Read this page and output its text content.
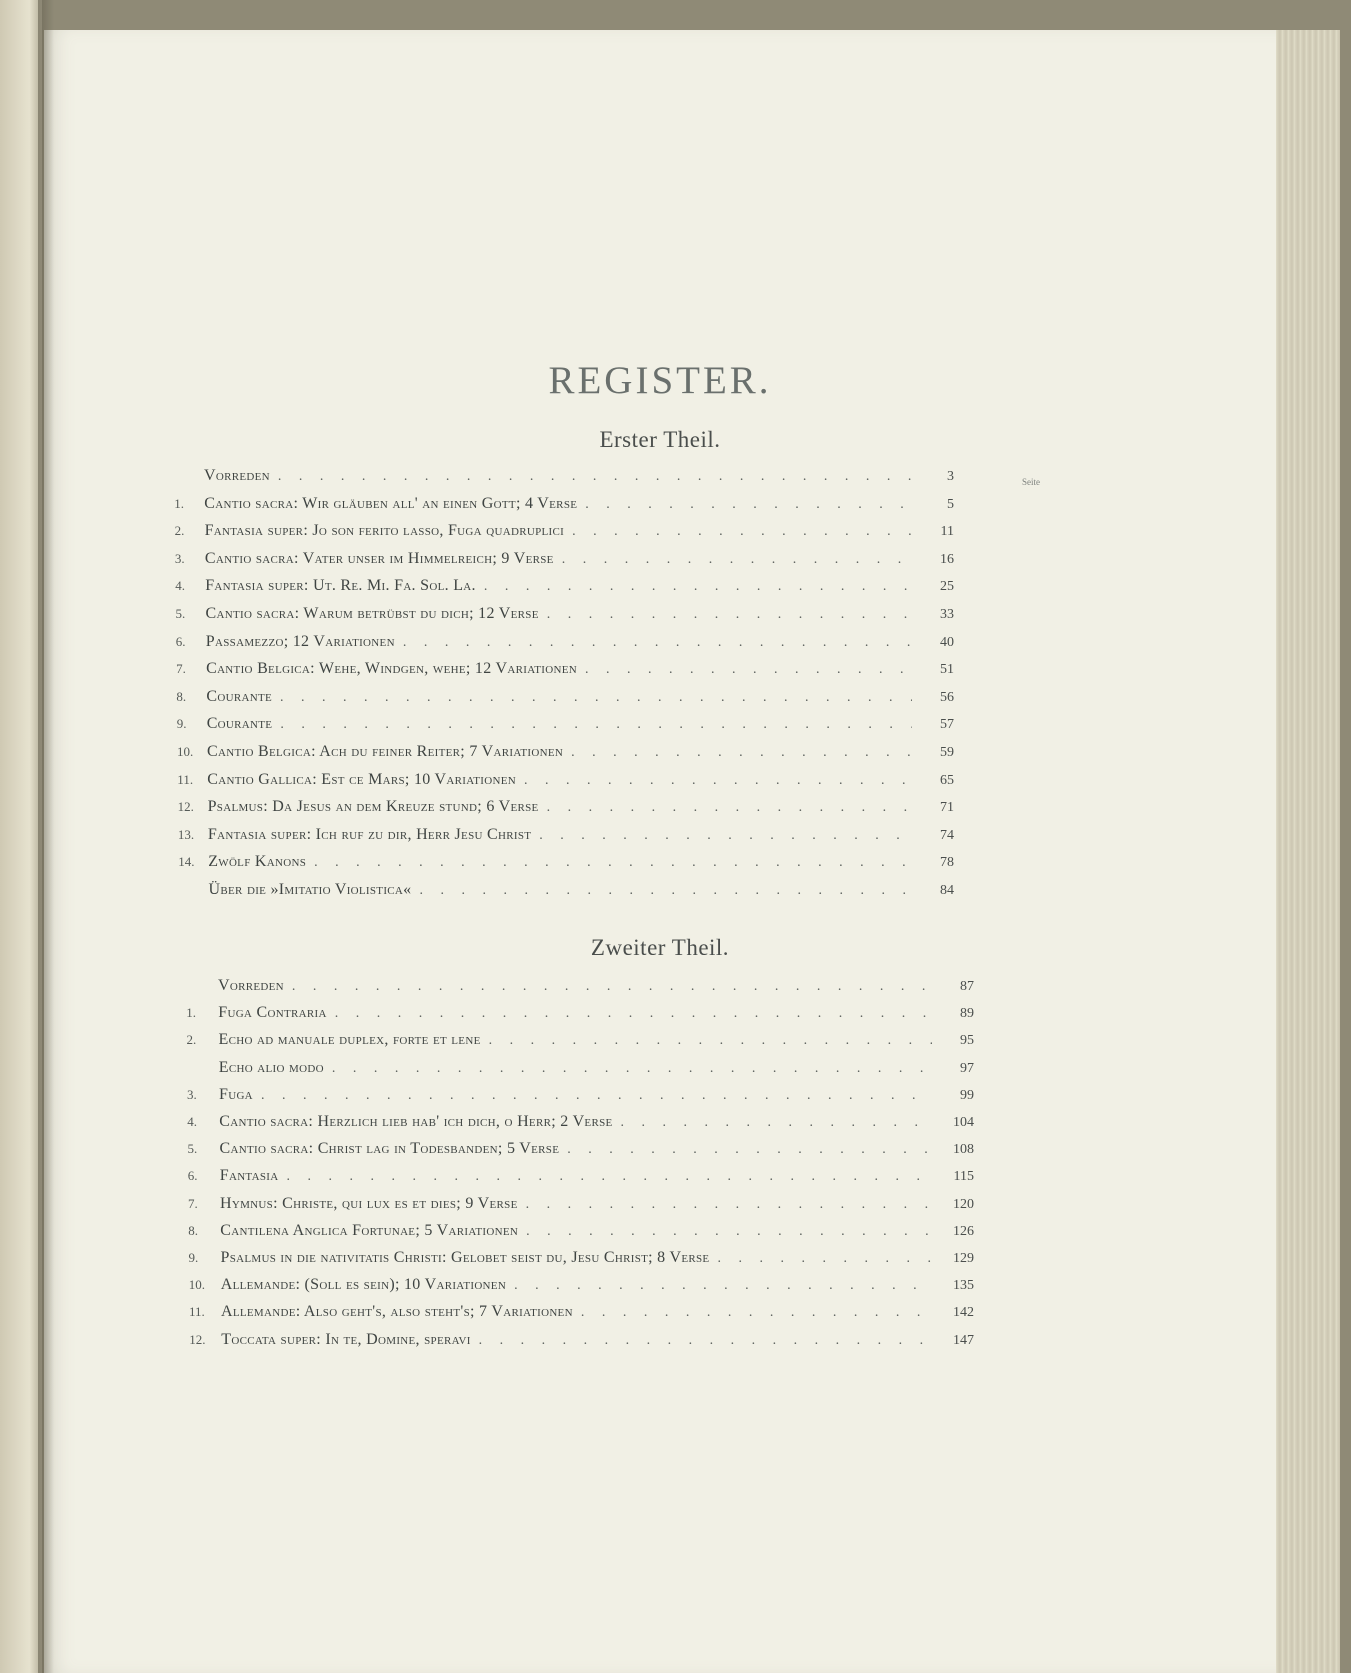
REGISTER.
Erster Theil.
Seite
Zweiter Theil.
Vorreden . . .	3
1.	Cantio sacra: Wir gläuben all' an einen Gott; 4 Verse . . .	5
2.	Fantasia super: Jo son ferito lasso, Fuga quadruplici . . .	11
3.	Cantio sacra: Vater unser im Himmelreich; 9 Verse . . .	16
4.	Fantasia super: Ut. Re. Mi. Fa. Sol. La. . . .	25
5.	Cantio sacra: Warum betrübst du dich; 12 Verse . . .	33
6.	Passamezzo; 12 Variationen . . .	40
7.	Cantio Belgica: Wehe, Windgen, wehe; 12 Variationen . . .	51
8.	Courante . . .	56
9.	Courante . . .	57
10. Cantio Belgica: Ach du feiner Reiter; 7 Variationen . . .	59
11. Cantio Gallica: Est ce Mars; 10 Variationen . . .	65
12. Psalmus: Da Jesus an dem Kreuze stund; 6 Verse . . .	71
13. Fantasia super: Ich ruf zu dir, Herr Jesu Christ . . .	74
14. Zwölf Kanons . . .	78
Über die »Imitatio Violistica« . . .	84
Vorreden . . .	87
1.	Fuga Contraria . . .	89
2.	Echo ad manuale duplex, forte et lene . . .	95
Echo alio modo . . .	97
3.	Fuga . . .	99
4.	Cantio sacra: Herzlich lieb hab' ich dich, o Herr; 2 Verse . . .	104
5.	Cantio sacra: Christ lag in Todesbanden; 5 Verse . . .	108
6.	Fantasia . . .	115
7.	Hymnus: Christe, qui lux es et dies; 9 Verse . . .	120
8.	Cantilena Anglica Fortunae; 5 Variationen . . .	126
9.	Psalmus in die nativitatis Christi: Gelobet seist du, Jesu Christ; 8 Verse . . .	129
10. Allemande: (Soll es sein); 10 Variationen . . .	135
11.	Allemande: Also geht's, also steht's; 7 Variationen . . .	142
12. Toccata super: In te, Domine, speravi . . .	147
